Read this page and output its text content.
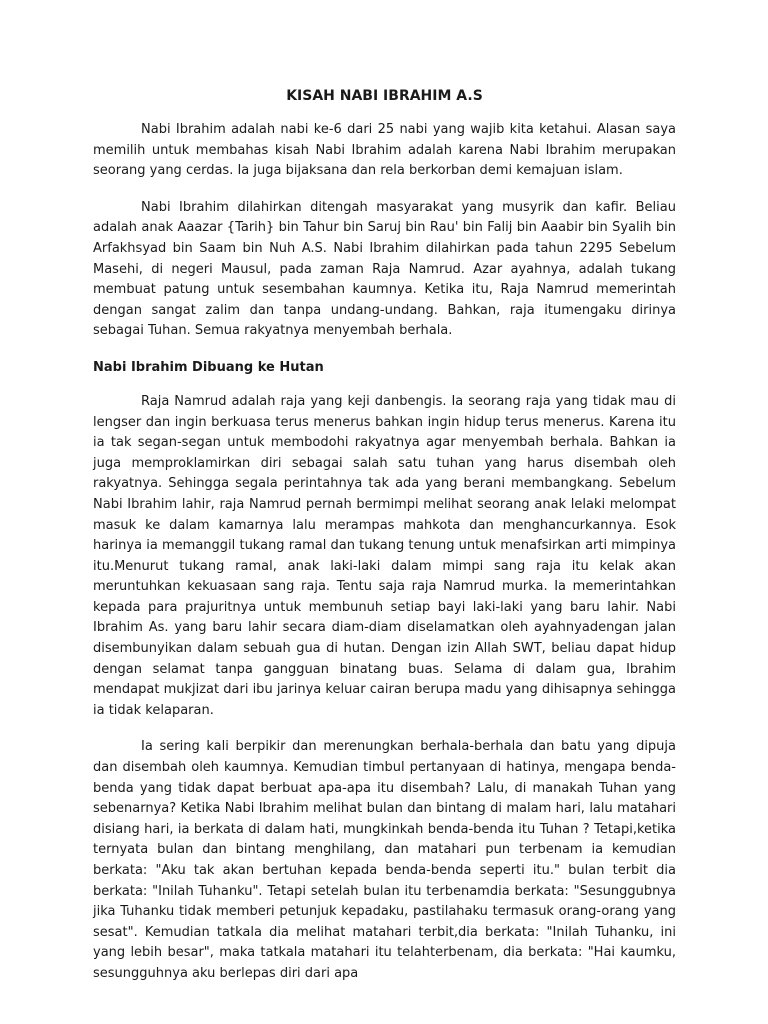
KISAH NABI IBRAHIM A.S

Nabi Ibrahim adalah nabi ke-6 dari 25 nabi yang wajib kita ketahui. Alasan saya memilih untuk membahas kisah Nabi Ibrahim adalah karena Nabi Ibrahim merupakan seorang yang cerdas. Ia juga bijaksana dan rela berkorban demi kemajuan islam.

Nabi Ibrahim dilahirkan ditengah masyarakat yang musyrik dan kafir. Beliau adalah anak Aaazar {Tarih} bin Tahur bin Saruj bin Rau' bin Falij bin Aaabir bin Syalih bin Arfakhsyad bin Saam bin Nuh A.S. Nabi Ibrahim dilahirkan pada tahun 2295 Sebelum Masehi, di negeri Mausul, pada zaman Raja Namrud. Azar ayahnya, adalah tukang membuat patung untuk sesembahan kaumnya. Ketika itu, Raja Namrud memerintah dengan sangat zalim dan tanpa undang-undang. Bahkan, raja itumengaku dirinya sebagai Tuhan. Semua rakyatnya menyembah berhala.

Nabi Ibrahim Dibuang ke Hutan

Raja Namrud adalah raja yang keji danbengis. Ia seorang raja yang tidak mau di lengser dan ingin berkuasa terus menerus bahkan ingin hidup terus menerus. Karena itu ia tak segan-segan untuk membodohi rakyatnya agar menyembah berhala. Bahkan ia juga memproklamirkan diri sebagai salah satu tuhan yang harus disembah oleh rakyatnya. Sehingga segala perintahnya tak ada yang berani membangkang. Sebelum Nabi Ibrahim lahir, raja Namrud pernah bermimpi melihat seorang anak lelaki melompat masuk ke dalam kamarnya lalu merampas mahkota dan menghancurkannya. Esok harinya ia memanggil tukang ramal dan tukang tenung untuk menafsirkan arti mimpinya itu.Menurut tukang ramal, anak laki-laki dalam mimpi sang raja itu kelak akan meruntuhkan kekuasaan sang raja. Tentu saja raja Namrud murka. Ia memerintahkan kepada para prajuritnya untuk membunuh setiap bayi laki-laki yang baru lahir. Nabi Ibrahim As. yang baru lahir secara diam-diam diselamatkan oleh ayahnyadengan jalan disembunyikan dalam sebuah gua di hutan. Dengan izin Allah SWT, beliau dapat hidup dengan selamat tanpa gangguan binatang buas. Selama di dalam gua, Ibrahim mendapat mukjizat dari ibu jarinya keluar cairan berupa madu yang dihisapnya sehingga ia tidak kelaparan.

Ia sering kali berpikir dan merenungkan berhala-berhala dan batu yang dipuja dan disembah oleh kaumnya. Kemudian timbul pertanyaan di hatinya, mengapa benda- benda yang tidak dapat berbuat apa-apa itu disembah? Lalu, di manakah Tuhan yang sebenarnya? Ketika Nabi Ibrahim melihat bulan dan bintang di malam hari, lalu matahari disiang hari, ia berkata di dalam hati, mungkinkah benda-benda itu Tuhan ? Tetapi,ketika ternyata bulan dan bintang menghilang, dan matahari pun terbenam ia kemudian berkata: "Aku tak akan bertuhan kepada benda-benda seperti itu." bulan terbit dia berkata: "Inilah Tuhanku". Tetapi setelah bulan itu terbenamdia berkata: "Sesunggubnya jika Tuhanku tidak memberi petunjuk kepadaku, pastilahaku termasuk orang-orang yang sesat". Kemudian tatkala dia melihat matahari terbit,dia berkata: "Inilah Tuhanku, ini yang lebih besar", maka tatkala matahari itu telahterbenam, dia berkata: "Hai kaumku, sesungguhnya aku berlepas diri dari apa
